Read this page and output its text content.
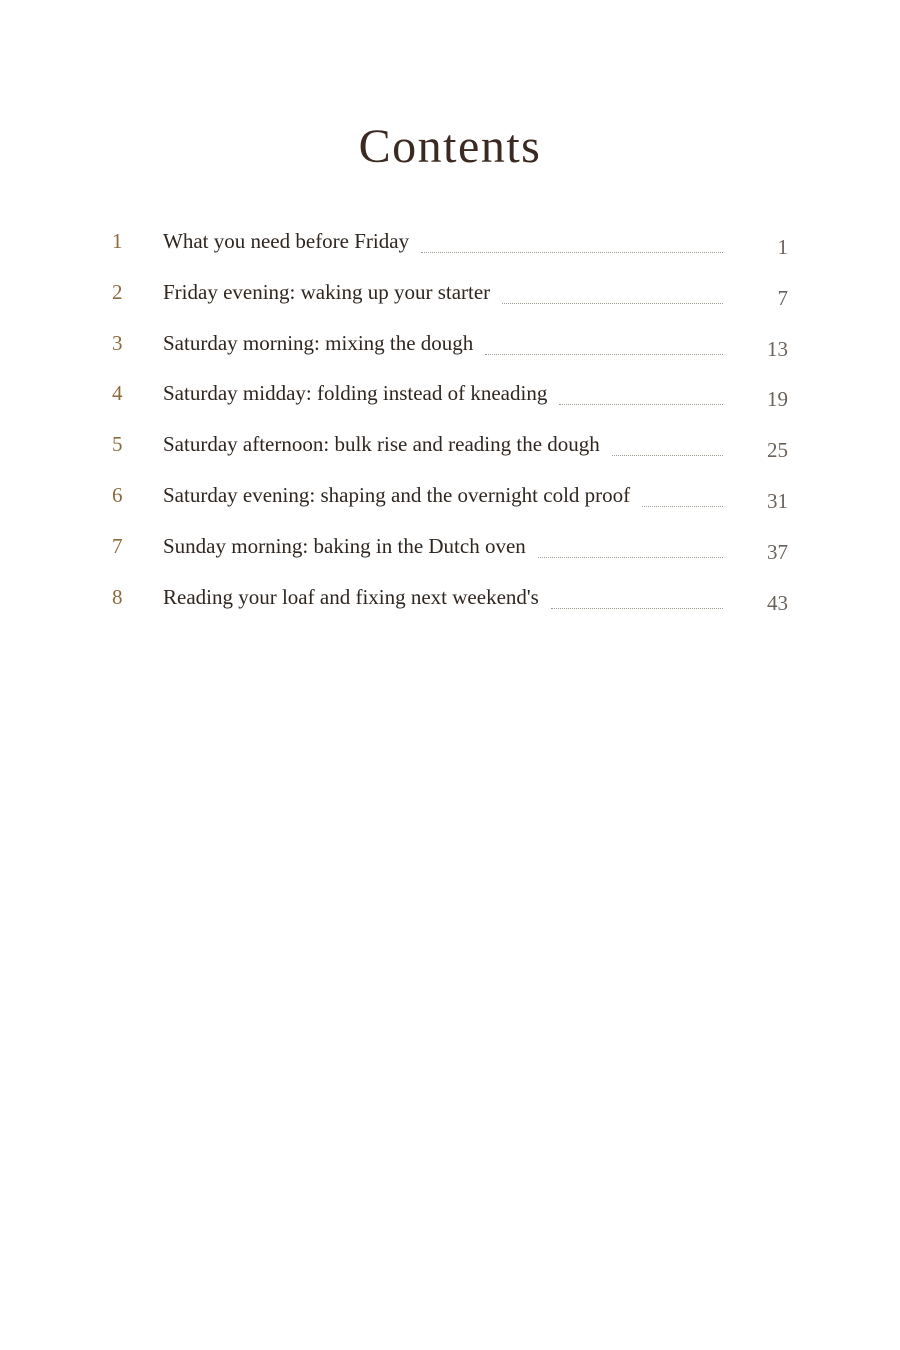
Contents
1 What you need before Friday	1
2 Friday evening: waking up your starter	7
3 Saturday morning: mixing the dough	13
4 Saturday midday: folding instead of kneading	19
5 Saturday afternoon: bulk rise and reading the dough	25
6 Saturday evening: shaping and the overnight cold proof	31
7 Sunday morning: baking in the Dutch oven	37
8 Reading your loaf and fixing next weekend's	43
